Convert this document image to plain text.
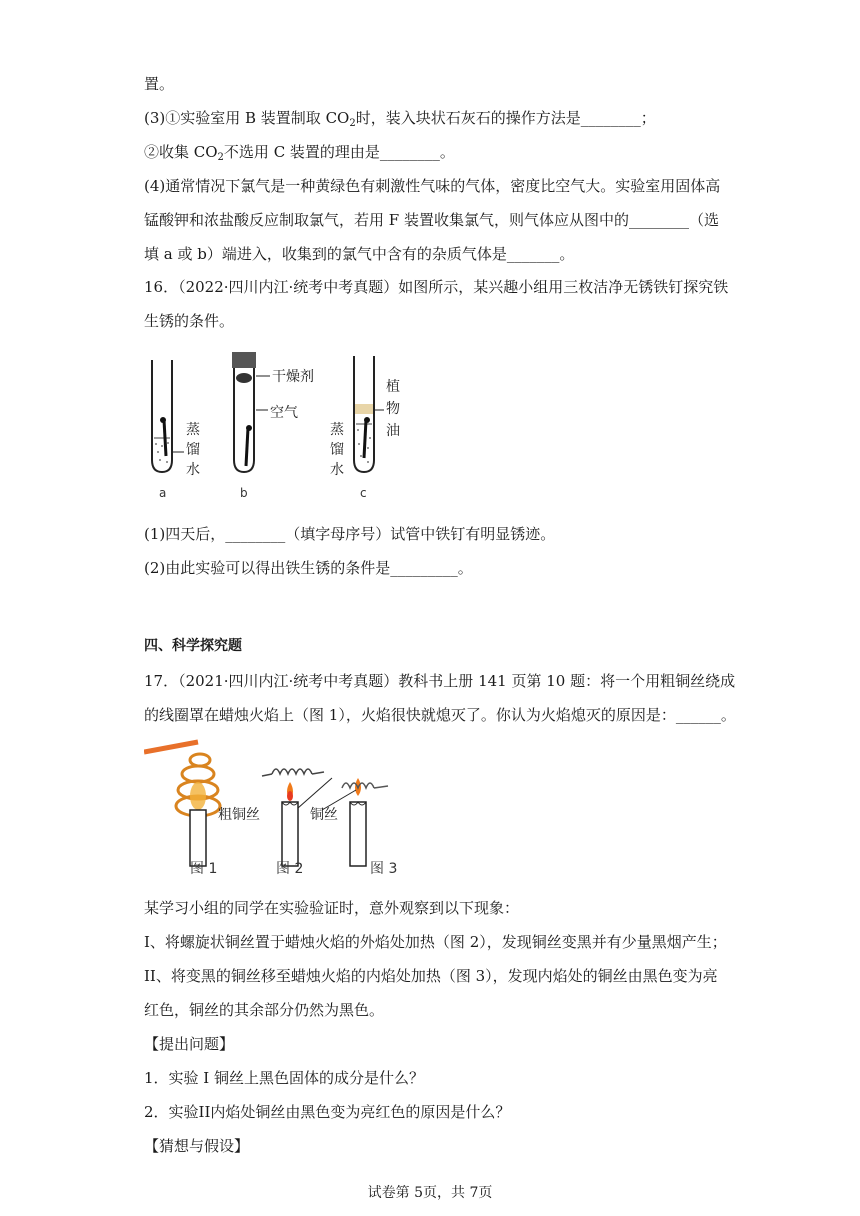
置。
(3)①实验室用 B 装置制取 $CO_2$时，装入块状石灰石的操作方法是________；
②收集 $CO_2$不选用 C 装置的理由是________。
(4)通常情况下氯气是一种黄绿色有刺激性气味的气体，密度比空气大。实验室用固体高
锰酸钾和浓盐酸反应制取氯气，若用 F 装置收集氯气，则气体应从图中的________（选
填 a 或 b）端进入，收集到的氯气中含有的杂质气体是_______。
16．（2022·四川内江·统考中考真题）如图所示，某兴趣小组用三枚洁净无锈铁钉探究铁
生锈的条件。
a	b	c
蒸
馏
水
干燥剂
空气
蒸
馏
水
植
物
油
(1)四天后，________（填字母序号）试管中铁钉有明显锈迹。
(2)由此实验可以得出铁生锈的条件是_________。
四、科学探究题
17．（2021·四川内江·统考中考真题）教科书上册 141 页第 10 题：将一个用粗铜丝绕成
的线圈罩在蜡烛火焰上（图 1），火焰很快就熄灭了。你认为火焰熄灭的原因是：______。
粗铜丝	铜丝
图 1	图 2	图 3
某学习小组的同学在实验验证时，意外观察到以下现象：
I、将螺旋状铜丝置于蜡烛火焰的外焰处加热（图 2），发现铜丝变黑并有少量黑烟产生；
II、将变黑的铜丝移至蜡烛火焰的内焰处加热（图 3），发现内焰处的铜丝由黑色变为亮
红色，铜丝的其余部分仍然为黑色。
【提出问题】
1．实验 I 铜丝上黑色固体的成分是什么？
2．实验II内焰处铜丝由黑色变为亮红色的原因是什么？
【猜想与假设】
试卷第 5页，共 7页
